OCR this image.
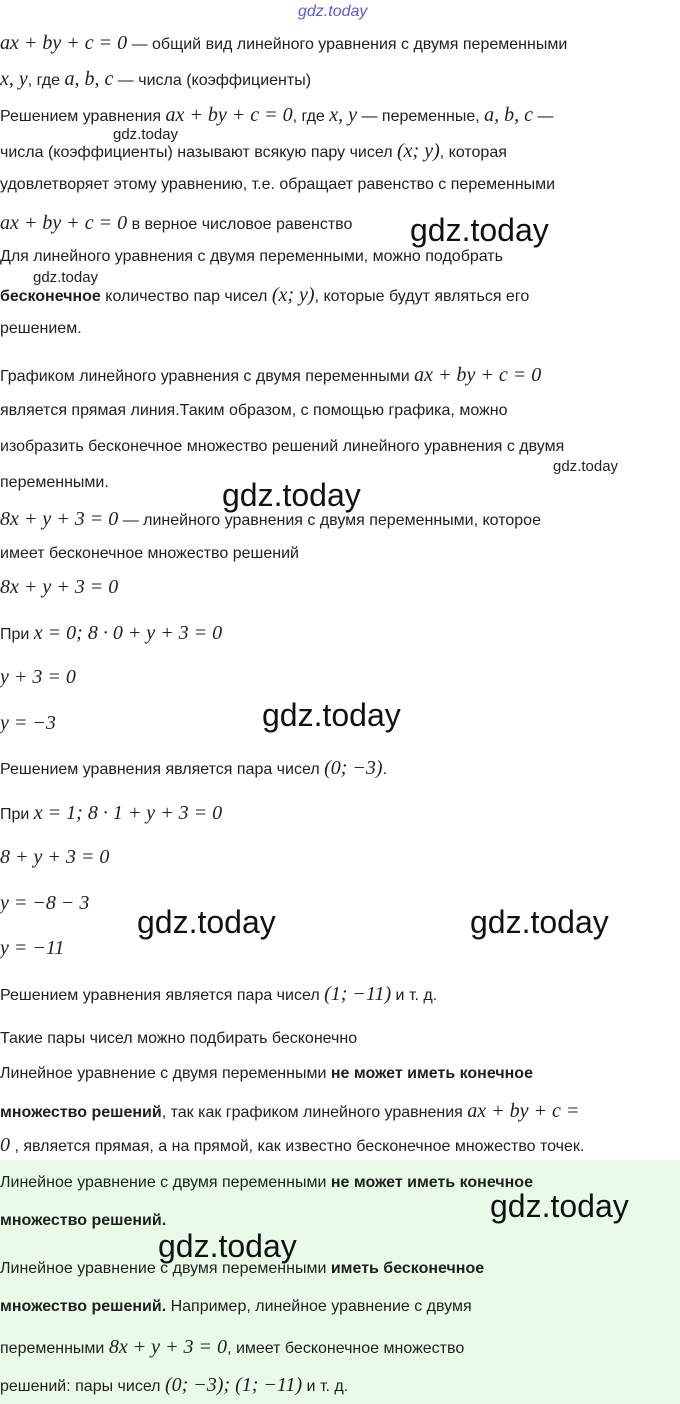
gdz.today
gdz.today
gdz.today
gdz.today
gdz.today
gdz.today
gdz.today
gdz.today	gdz.today
gdz.today
gdz.today
ax + by + c = 0 — общий вид линейного уравнения с двумя переменными
x, y, где a, b, c — числа (коэффициенты)
Решением уравнения ax + by + c = 0, где x, y — переменные, a, b, c —
числа (коэффициенты) называют всякую пару чисел (x; y), которая
удовлетворяет этому уравнению, т.е. обращает равенство с переменными
ax + by + c = 0 в верное числовое равенство
Для линейного уравнения с двумя переменными, можно подобрать
бесконечное количество пар чисел (x; y), которые будут являться его
решением.
Графиком линейного уравнения с двумя переменными ax + by + c = 0
является прямая линия.Таким образом, с помощью графика, можно
изобразить бесконечное множество решений линейного уравнения с двумя
переменными.
8x + y + 3 = 0 — линейного уравнения с двумя переменными, которое
имеет бесконечное множество решений
8x + y + 3 = 0
При x = 0; 8 · 0 + y + 3 = 0
y + 3 = 0
y = −3
Решением уравнения является пара чисел (0; −3).
При x = 1; 8 · 1 + y + 3 = 0
8 + y + 3 = 0
y = −8 − 3
y = −11
Решением уравнения является пара чисел (1; −11) и т. д.
Такие пары чисел можно подбирать бесконечно
Линейное уравнение с двумя переменными не может иметь конечное
множество решений, так как графиком линейного уравнения ax + by + c =
0 , является прямая, а на прямой, как известно бесконечное множество точек.
Линейное уравнение с двумя переменными не может иметь конечное
множество решений.
Линейное уравнение с двумя переменными иметь бесконечное
множество решений. Например, линейное уравнение с двумя
переменными 8x + y + 3 = 0, имеет бесконечное множество
решений: пары чисел (0; −3); (1; −11) и т. д.
